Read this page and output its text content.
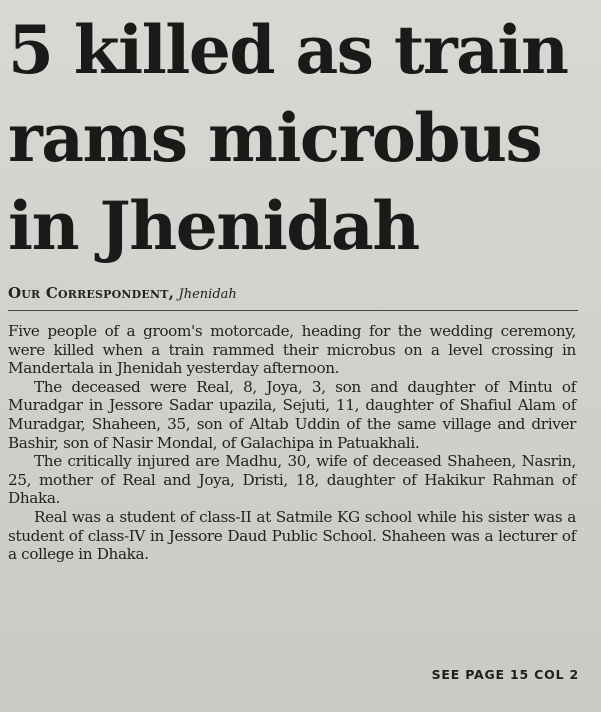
5 killed as train
rams microbus
in Jhenidah
Our Correspondent, Jhenidah

Five people of a groom's motorcade, heading for the wedding ceremony, were killed when a train rammed their microbus on a level crossing in Mandertala in Jhenidah yesterday afternoon.

The deceased were Real, 8, Joya, 3, son and daughter of Mintu of Muradgar in Jessore Sadar upazila, Sejuti, 11, daughter of Shafiul Alam of Muradgar, Shaheen, 35, son of Altab Uddin of the same village and driver Bashir, son of Nasir Mondal, of Galachipa in Patuakhali.

The critically injured are Madhu, 30, wife of deceased Shaheen, Nasrin, 25, mother of Real and Joya, Dristi, 18, daughter of Hakikur Rahman of Dhaka.

Real was a student of class-II at Satmile KG school while his sister was a student of class-IV in Jessore Daud Public School. Shaheen was a lecturer of a college in Dhaka.

SEE PAGE 15 COL 2
